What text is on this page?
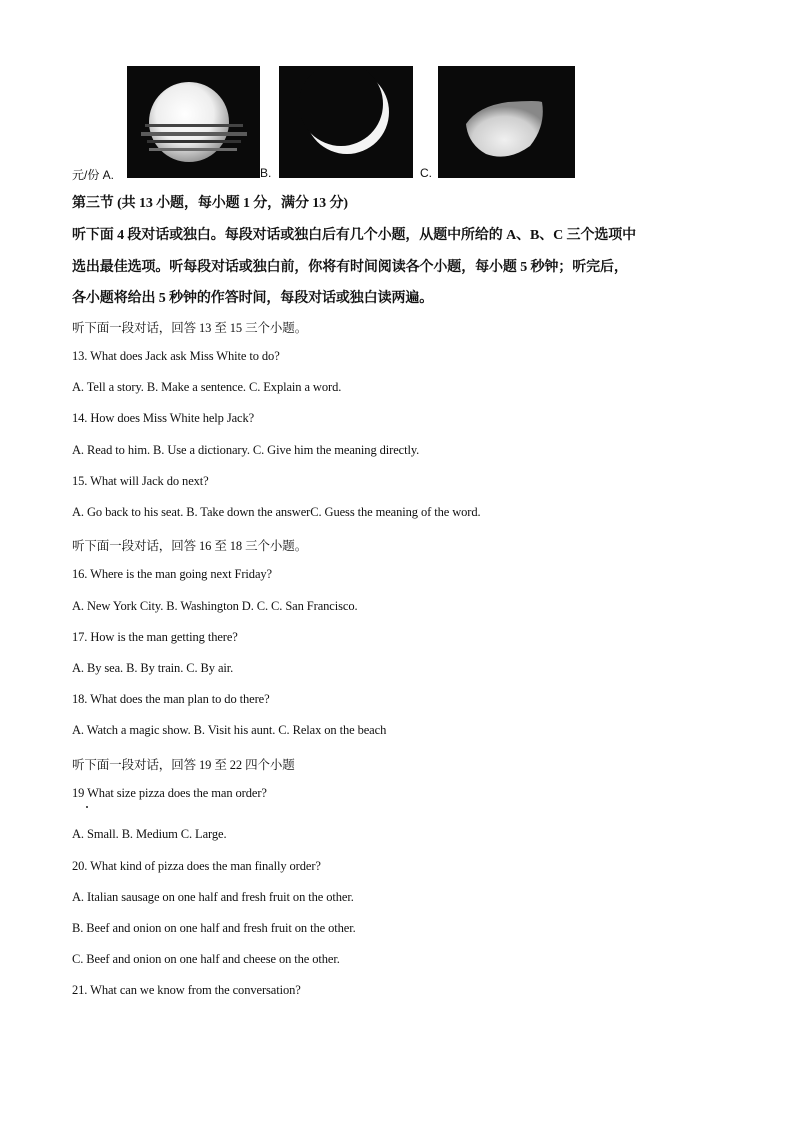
元/份 A.	B.	C.
第三节 (共 13 小题，每小题 1 分，满分 13 分)
听下面 4 段对话或独白。每段对话或独白后有几个小题，从题中所给的 A、B、C 三个选项中
选出最佳选项。听每段对话或独白前，你将有时间阅读各个小题，每小题 5 秒钟；听完后，
各小题将给出 5 秒钟的作答时间，每段对话或独白读两遍。
听下面一段对话，回答 13 至 15 三个小题。
13. What does Jack ask Miss White to do?
A. Tell a story. B. Make a sentence. C. Explain a word.
14. How does Miss White help Jack?
A. Read to him. B. Use a dictionary. C. Give him the meaning directly.
15. What will Jack do next?
A. Go back to his seat. B. Take down the answerC. Guess the meaning of the word.
听下面一段对话，回答 16 至 18 三个小题。
16. Where is the man going next Friday?
A. New York City. B. Washington D. C. C. San Francisco.
17. How is the man getting there?
A. By sea. B. By train. C. By air.
18. What does the man plan to do there?
A. Watch a magic show. B. Visit his aunt. C. Relax on the beach
听下面一段对话，回答 19 至 22 四个小题
19 What size pizza does the man order?
A. Small. B. Medium C. Large.
20. What kind of pizza does the man finally order?
A. Italian sausage on one half and fresh fruit on the other.
B. Beef and onion on one half and fresh fruit on the other.
C. Beef and onion on one half and cheese on the other.
21. What can we know from the conversation?
